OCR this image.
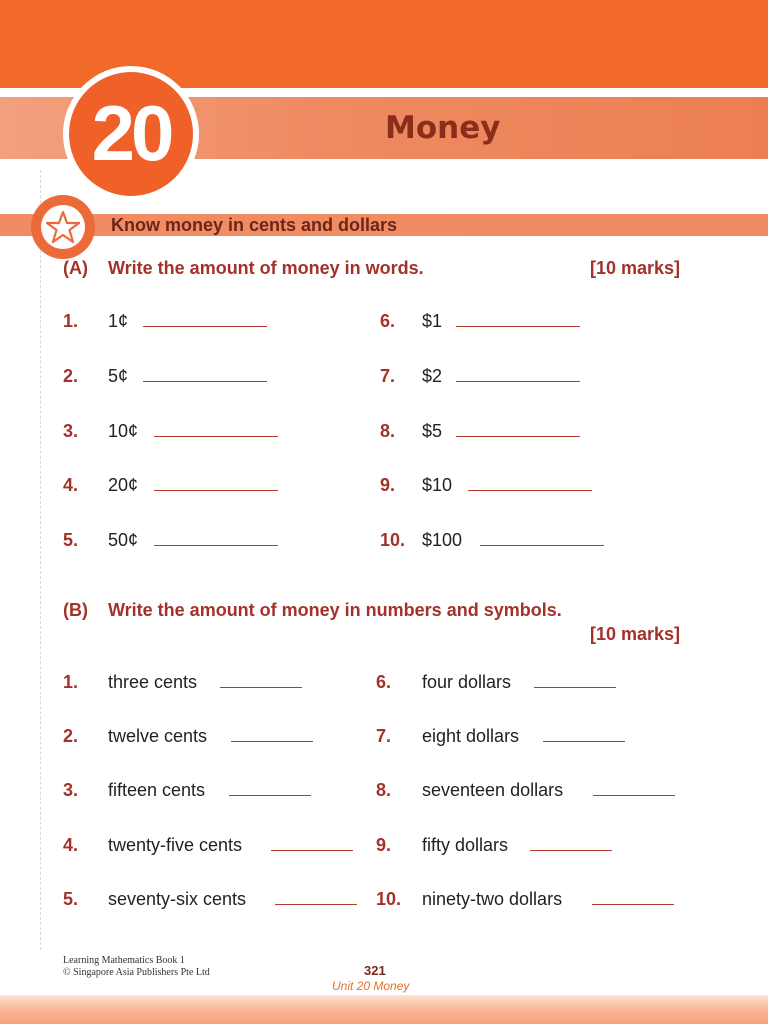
20	Money
Know money in cents and dollars
(A) Write the amount of money in words.	[10 marks]
1. 1¢
2. 5¢
3. 10¢
4. 20¢
5. 50¢
6. $1
7. $2
8. $5
9. $10
10. $100
(B) Write the amount of money in numbers and symbols.
[10 marks]
1. three cents
2. twelve cents
3. fifteen cents
4. twenty-five cents
5. seventy-six cents
6. four dollars
7. eight dollars
8. seventeen dollars
9. fifty dollars
10. ninety-two dollars
Learning Mathematics Book 1
© Singapore Asia Publishers Pte Ltd	321
Unit 20 Money
